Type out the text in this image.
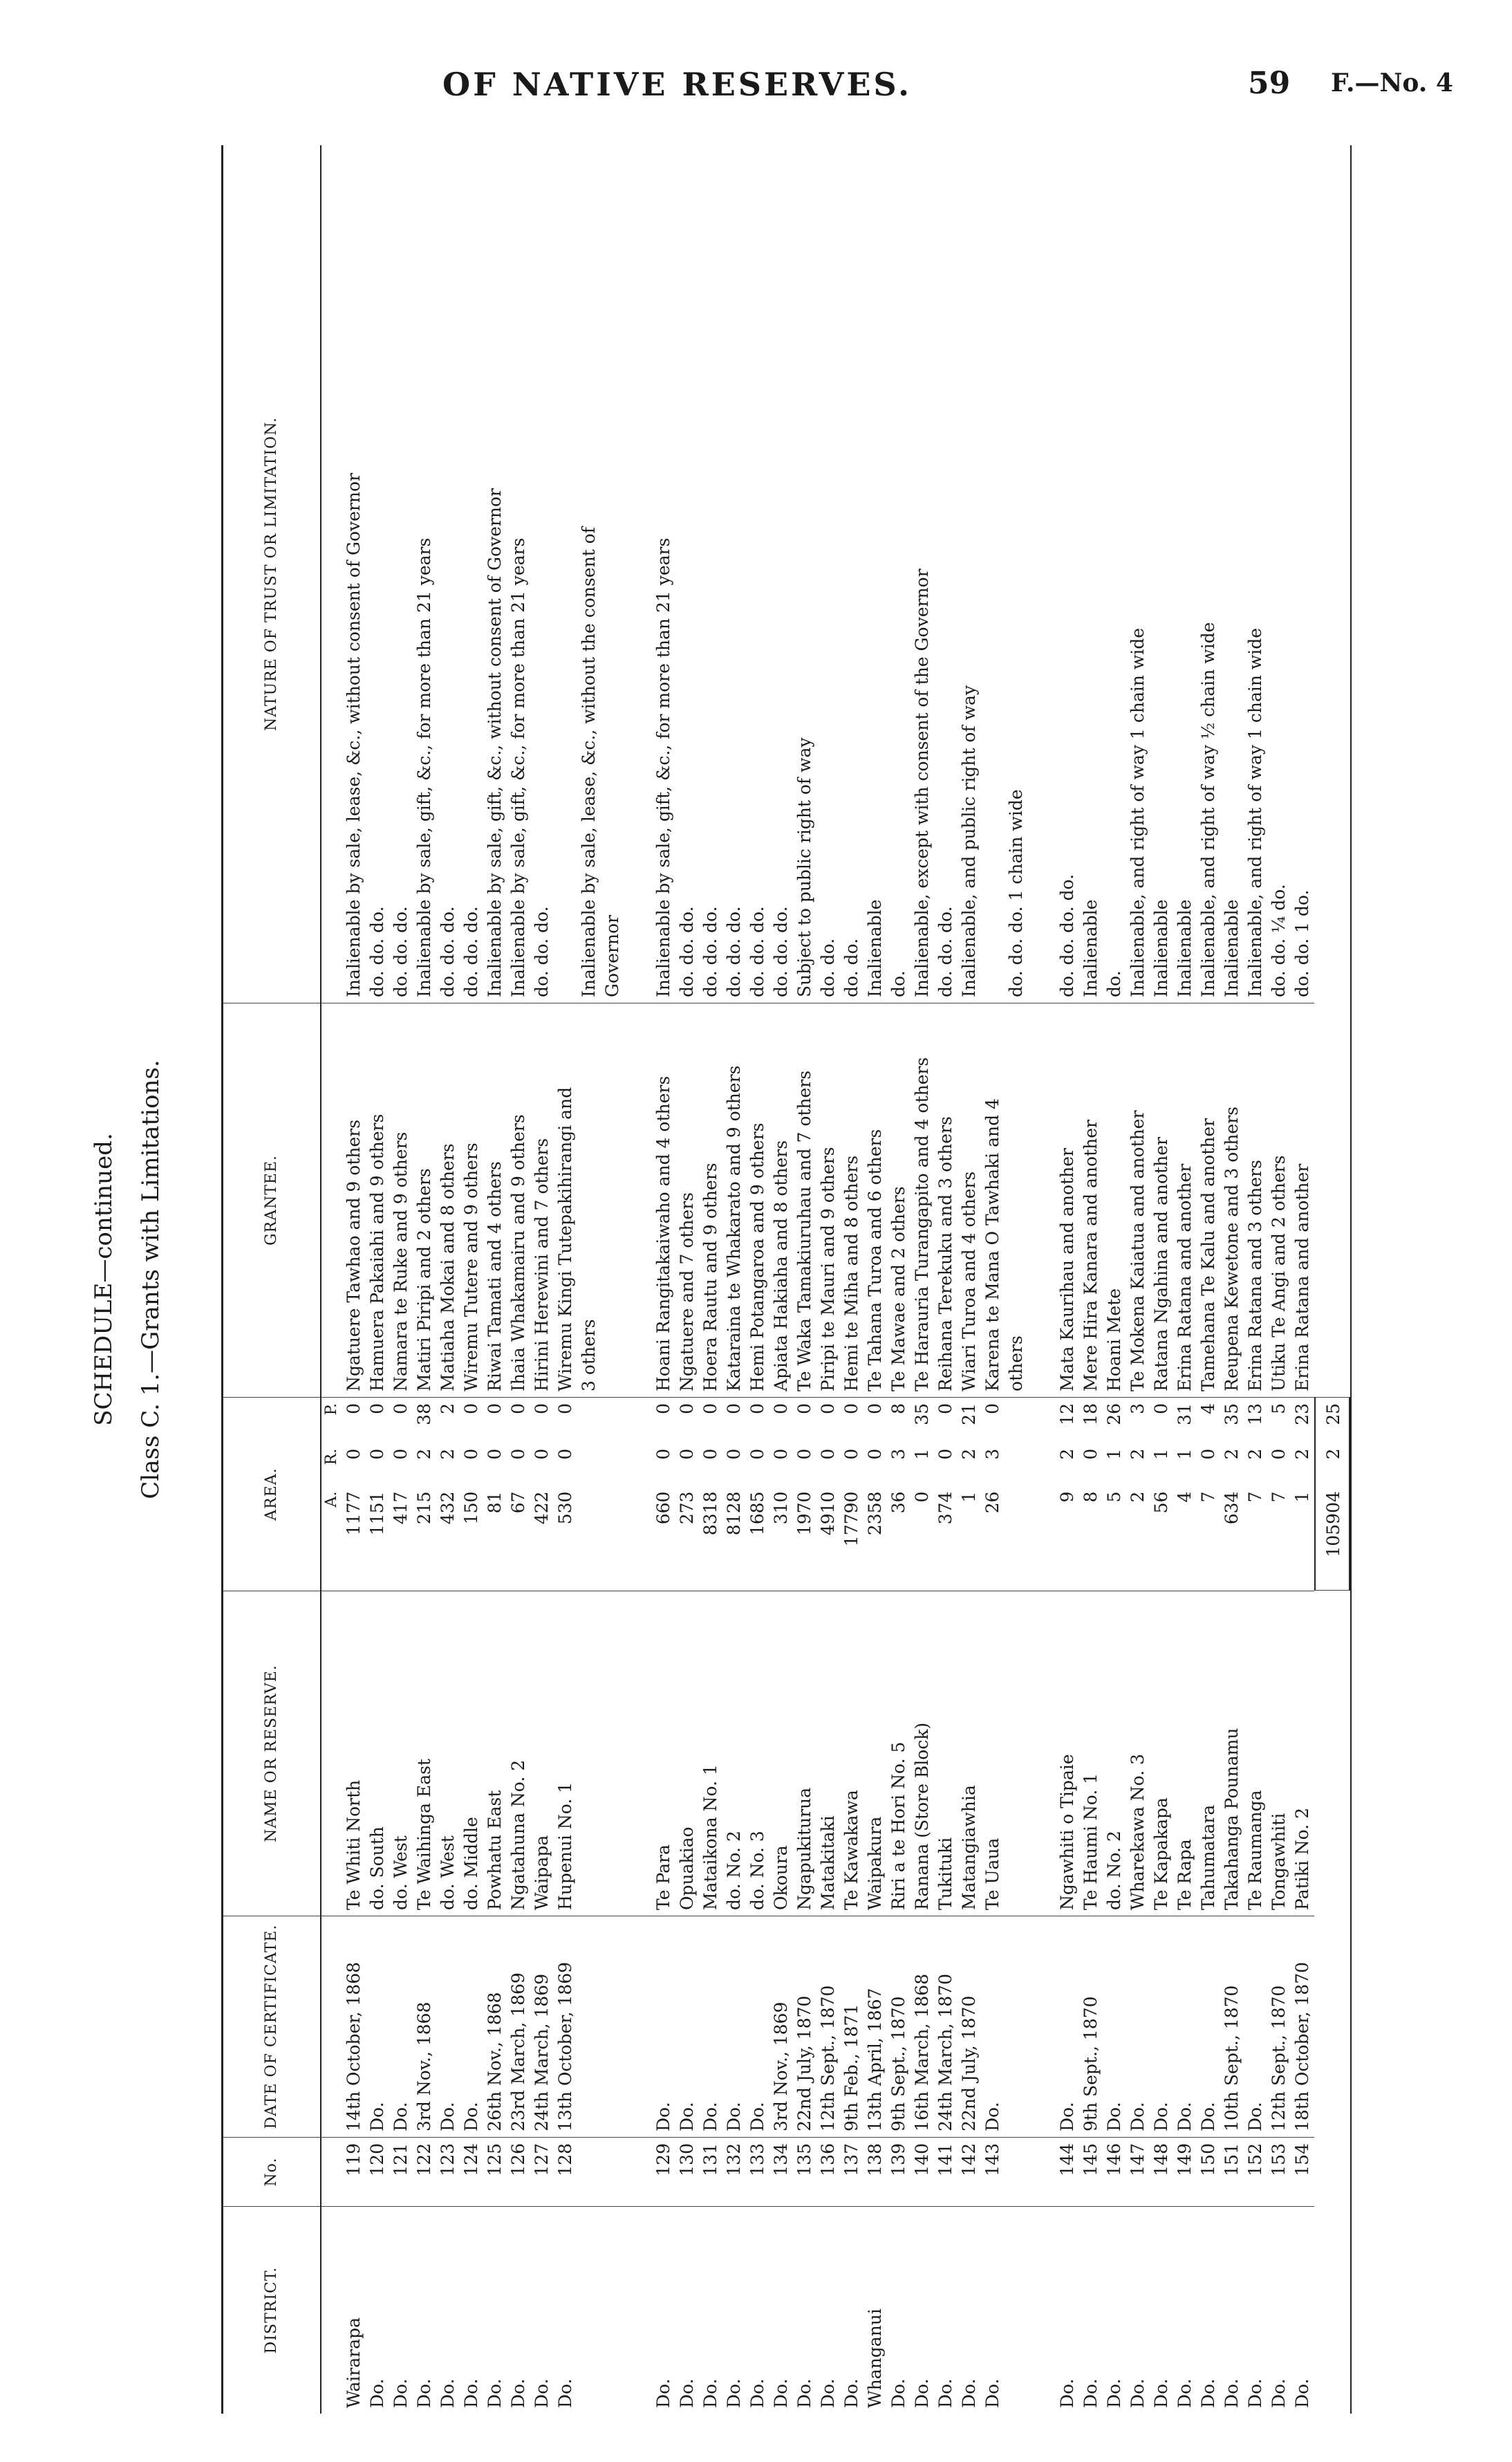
OF NATIVE RESERVES.	59 F.—No. 4
SCHEDULE—continued. Class C. 1.—Grants with Limitations.
DISTRICT.
No.
DATE OF CERTIFICATE.
NAME OR RESERVE.
AREA.
GRANTEE.
NATURE OF TRUST OR LIMITATION.
A.
R.
P.
Wairarapa
119
14th October, 1868
Te Whiti North
1177
0
0
Ngatuere Tawhao and 9 others
Inalienable by sale, lease, &c., without consent of Governor
Do.
120
Do.
do. South
1151
0
0
Hamuera Pakaiahi and 9 others
do. do. do.
Do.
121
Do.
do. West
417
0
0
Namara te Ruke and 9 others
do. do. do.
Do.
122
3rd Nov., 1868
Te Waihinga East
215
2
38
Matiri Piripi and 2 others
Inalienable by sale, gift, &c., for more than 21 years
Do.
123
Do.
do. West
432
2
2
Matiaha Mokai and 8 others
do. do. do.
Do.
124
Do.
do. Middle
150
0
0
Wiremu Tutere and 9 others
do. do. do.
Do.
125
26th Nov., 1868
Powhatu East
81
0
0
Riwai Tamati and 4 others
Inalienable by sale, gift, &c., without consent of Governor
Do.
126
23rd March, 1869
Ngatahuna No. 2
67
0
0
Ihaia Whakamairu and 9 others
Inalienable by sale, gift, &c., for more than 21 years
Do.
127
24th March, 1869
Waipapa
422
0
0
Hirini Herewini and 7 others
do. do. do.
Do.
128
13th October, 1869
Hupenui No. 1
530
0
0
Wiremu Kingi Tutepakihirangi and 3 others
Inalienable by sale, lease, &c., without the consent of Governor
Do.
129
Do.
Te Para
660
0
0
Hoani Rangitakaiwaho and 4 others
Inalienable by sale, gift, &c., for more than 21 years
Do.
130
Do.
Opuakiao
273
0
0
Ngatuere and 7 others
do. do. do.
Do.
131
Do.
Mataikona No. 1
8318
0
0
Hoera Rautu and 9 others
do. do. do.
Do.
132
Do.
do. No. 2
8128
0
0
Kataraina te Whakarato and 9 others
do. do. do.
Do.
133
Do.
do. No. 3
1685
0
0
Hemi Potangaroa and 9 others
do. do. do.
Do.
134
3rd Nov., 1869
Okoura
310
0
0
Apiata Hakiaha and 8 others
do. do. do.
Do.
135
22nd July, 1870
Ngapukiturua
1970
0
0
Te Waka Tamakiuruhau and 7 others
Subject to public right of way
Do.
136
12th Sept., 1870
Matakitaki
4910
0
0
Piripi te Mauri and 9 others
do. do.
Do.
137
9th Feb., 1871
Te Kawakawa
17790
0
0
Hemi te Miha and 8 others
do. do.
Whanganui
138
13th April, 1867
Waipakura
2358
0
0
Te Tahana Turoa and 6 others
Inalienable
Do.
139
9th Sept., 1870
Riri a te Hori No. 5
36
3
8
Te Mawae and 2 others
do.
Do.
140
16th March, 1868
Ranana (Store Block)
0
1
35
Te Harauria Turangapito and 4 others
Inalienable, except with consent of the Governor
Do.
141
24th March, 1870
Tukituki
374
0
0
Reihana Terekuku and 3 others
do. do. do.
Do.
142
22nd July, 1870
Matangiawhia
1
2
21
Wiari Turoa and 4 others
Inalienable, and public right of way
Do.
143
Do.
Te Uaua
26
3
0
Karena te Mana O Tawhaki and 4 others
do. do. do. 1 chain wide
Do.
144
Do.
Ngawhiti o Tipaie
9
2
12
Mata Kaurihau and another
do. do. do. do.
Do.
145
9th Sept., 1870
Te Haumi No. 1
8
0
18
Mere Hira Kanara and another
Inalienable
Do.
146
Do.
do. No. 2
5
1
26
Hoani Mete
do.
Do.
147
Do.
Wharekawa No. 3
2
2
3
Te Mokena Kaiatua and another
Inalienable, and right of way 1 chain wide
Do.
148
Do.
Te Kapakapa
56
1
0
Ratana Ngahina and another
Inalienable
Do.
149
Do.
Te Rapa
4
1
31
Erina Ratana and another
Inalienable
Do.
150
Do.
Tahumatara
7
0
4
Tamehana Te Kalu and another
Inalienable, and right of way ½ chain wide
Do.
151
10th Sept., 1870
Takahanga Pounamu
634
2
35
Reupena Kewetone and 3 others
Inalienable
Do.
152
Do.
Te Raumanga
7
2
13
Erina Ratana and 3 others
Inalienable, and right of way 1 chain wide
Do.
153
12th Sept., 1870
Tongawhiti
7
0
5
Utiku Te Angi and 2 others
do. do. ¼ do.
Do.
154
18th October, 1870
Patiki No. 2
1
2
23
Erina Ratana and another
do. do. 1 do.
105904
2
25
